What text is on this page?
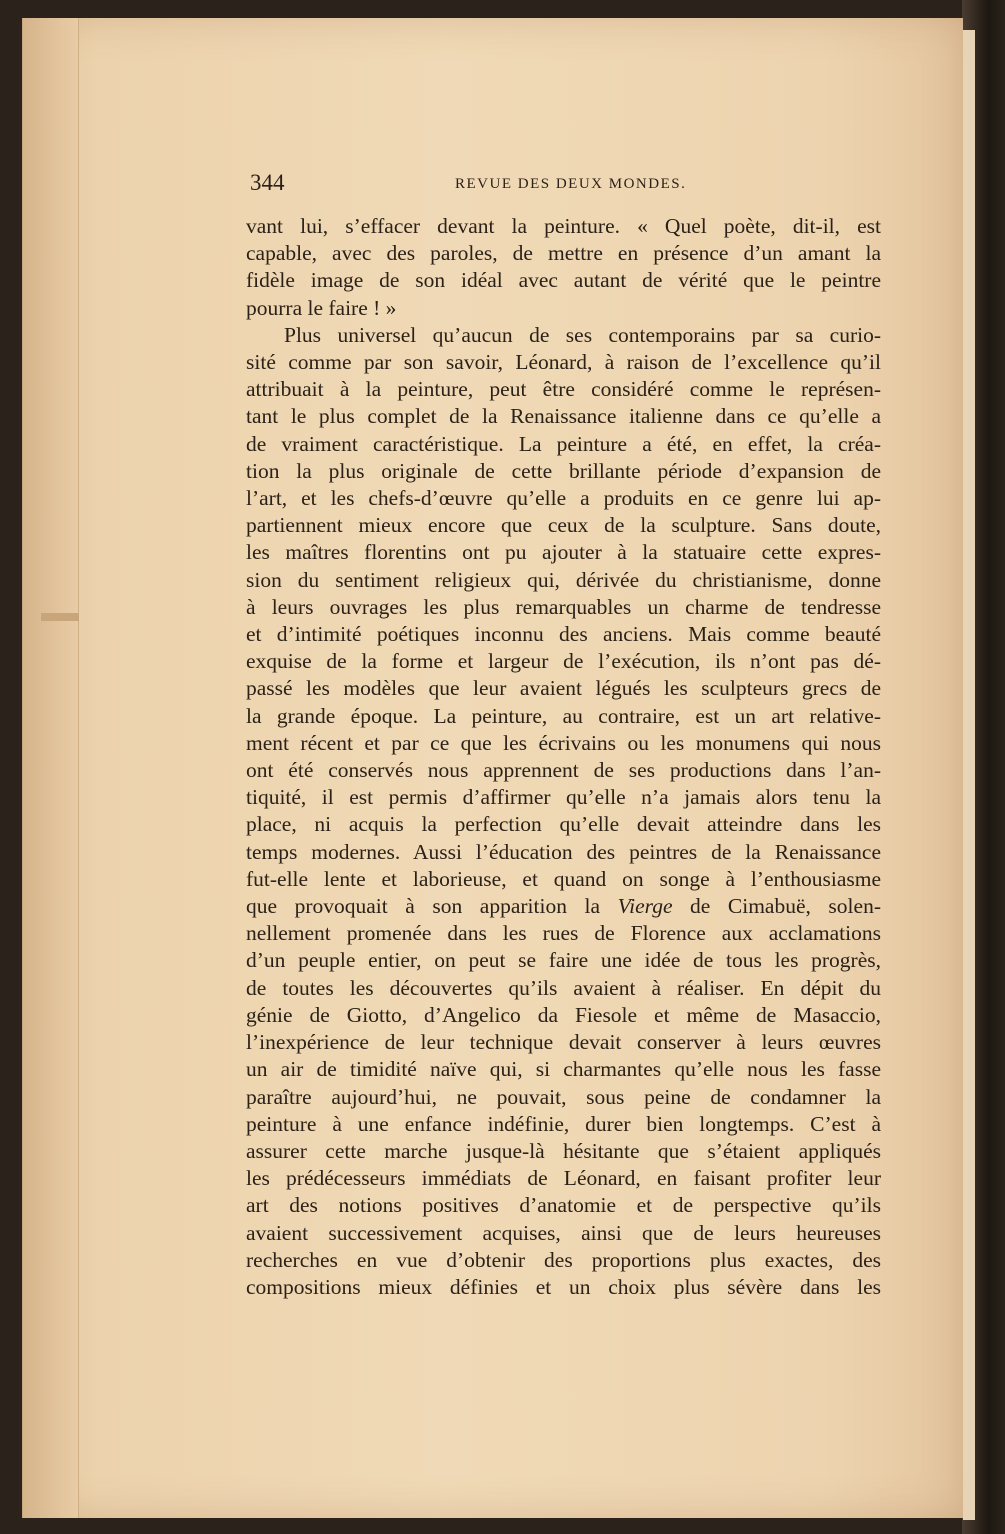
344	REVUE DES DEUX MONDES.

vant lui, s’effacer devant la peinture. « Quel poète, dit-il, est
capable, avec des paroles, de mettre en présence d’un amant la
fidèle image de son idéal avec autant de vérité que le peintre
pourra le faire ! »

Plus universel qu’aucun de ses contemporains par sa curio-
sité comme par son savoir, Léonard, à raison de l’excellence qu’il
attribuait à la peinture, peut être considéré comme le représen-
tant le plus complet de la Renaissance italienne dans ce qu’elle a
de vraiment caractéristique. La peinture a été, en effet, la créa-
tion la plus originale de cette brillante période d’expansion de
l’art, et les chefs-d’œuvre qu’elle a produits en ce genre lui ap-
partiennent mieux encore que ceux de la sculpture. Sans doute,
les maîtres florentins ont pu ajouter à la statuaire cette expres-
sion du sentiment religieux qui, dérivée du christianisme, donne
à leurs ouvrages les plus remarquables un charme de tendresse
et d’intimité poétiques inconnu des anciens. Mais comme beauté
exquise de la forme et largeur de l’exécution, ils n’ont pas dé-
passé les modèles que leur avaient légués les sculpteurs grecs de
la grande époque. La peinture, au contraire, est un art relative-
ment récent et par ce que les écrivains ou les monumens qui nous
ont été conservés nous apprennent de ses productions dans l’an-
tiquité, il est permis d’affirmer qu’elle n’a jamais alors tenu la
place, ni acquis la perfection qu’elle devait atteindre dans les
temps modernes. Aussi l’éducation des peintres de la Renaissance
fut-elle lente et laborieuse, et quand on songe à l’enthousiasme
que provoquait à son apparition la Vierge de Cimabuë, solen-
nellement promenée dans les rues de Florence aux acclamations
d’un peuple entier, on peut se faire une idée de tous les progrès,
de toutes les découvertes qu’ils avaient à réaliser. En dépit du
génie de Giotto, d’Angelico da Fiesole et même de Masaccio,
l’inexpérience de leur technique devait conserver à leurs œuvres
un air de timidité naïve qui, si charmantes qu’elle nous les fasse
paraître aujourd’hui, ne pouvait, sous peine de condamner la
peinture à une enfance indéfinie, durer bien longtemps. C’est à
assurer cette marche jusque-là hésitante que s’étaient appliqués
les prédécesseurs immédiats de Léonard, en faisant profiter leur
art des notions positives d’anatomie et de perspective qu’ils
avaient successivement acquises, ainsi que de leurs heureuses
recherches en vue d’obtenir des proportions plus exactes, des
compositions mieux définies et un choix plus sévère dans les
